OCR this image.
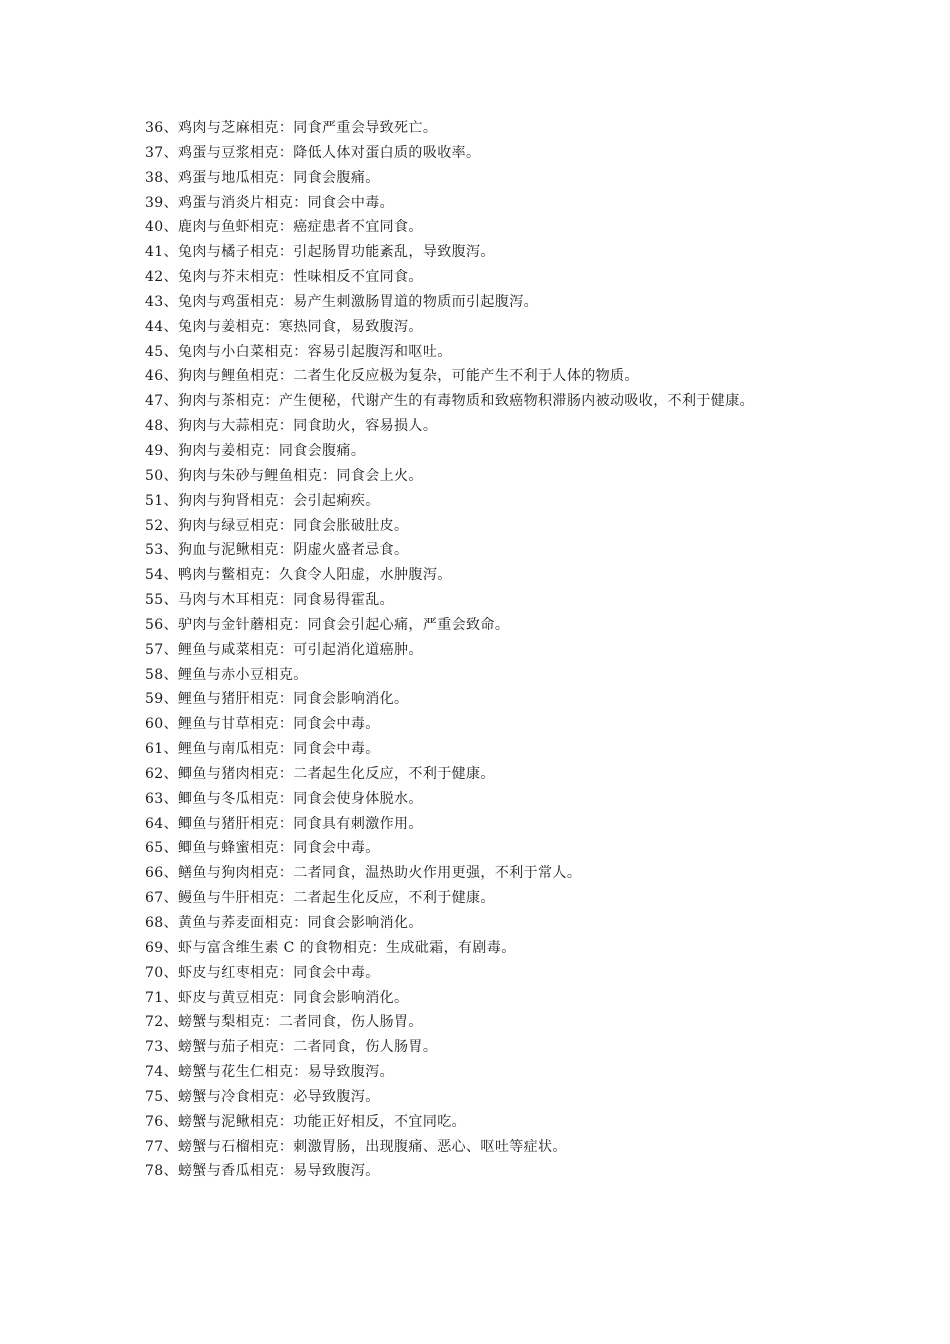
36、鸡肉与芝麻相克：同食严重会导致死亡。

37、鸡蛋与豆浆相克：降低人体对蛋白质的吸收率。

38、鸡蛋与地瓜相克：同食会腹痛。

39、鸡蛋与消炎片相克：同食会中毒。

40、鹿肉与鱼虾相克：癌症患者不宜同食。

41、兔肉与橘子相克：引起肠胃功能紊乱，导致腹泻。

42、兔肉与芥末相克：性味相反不宜同食。

43、兔肉与鸡蛋相克：易产生刺激肠胃道的物质而引起腹泻。

44、兔肉与姜相克：寒热同食，易致腹泻。

45、兔肉与小白菜相克：容易引起腹泻和呕吐。

46、狗肉与鲤鱼相克：二者生化反应极为复杂，可能产生不利于人体的物质。

47、狗肉与茶相克：产生便秘，代谢产生的有毒物质和致癌物积滞肠内被动吸收，不利于健康。

48、狗肉与大蒜相克：同食助火，容易损人。

49、狗肉与姜相克：同食会腹痛。

50、狗肉与朱砂与鲤鱼相克：同食会上火。

51、狗肉与狗肾相克：会引起痢疾。

52、狗肉与绿豆相克：同食会胀破肚皮。

53、狗血与泥鳅相克：阴虚火盛者忌食。

54、鸭肉与鳖相克：久食令人阳虚，水肿腹泻。

55、马肉与木耳相克：同食易得霍乱。

56、驴肉与金针蘑相克：同食会引起心痛，严重会致命。

57、鲤鱼与咸菜相克：可引起消化道癌肿。

58、鲤鱼与赤小豆相克。

59、鲤鱼与猪肝相克：同食会影响消化。

60、鲤鱼与甘草相克：同食会中毒。

61、鲤鱼与南瓜相克：同食会中毒。

62、鲫鱼与猪肉相克：二者起生化反应，不利于健康。

63、鲫鱼与冬瓜相克：同食会使身体脱水。

64、鲫鱼与猪肝相克：同食具有刺激作用。

65、鲫鱼与蜂蜜相克：同食会中毒。

66、鳝鱼与狗肉相克：二者同食，温热助火作用更强，不利于常人。

67、鳗鱼与牛肝相克：二者起生化反应，不利于健康。

68、黄鱼与荞麦面相克：同食会影响消化。

69、虾与富含维生素 C 的食物相克：生成砒霜，有剧毒。

70、虾皮与红枣相克：同食会中毒。

71、虾皮与黄豆相克：同食会影响消化。

72、螃蟹与梨相克：二者同食，伤人肠胃。

73、螃蟹与茄子相克：二者同食，伤人肠胃。

74、螃蟹与花生仁相克：易导致腹泻。

75、螃蟹与冷食相克：必导致腹泻。

76、螃蟹与泥鳅相克：功能正好相反，不宜同吃。

77、螃蟹与石榴相克：刺激胃肠，出现腹痛、恶心、呕吐等症状。

78、螃蟹与香瓜相克：易导致腹泻。
